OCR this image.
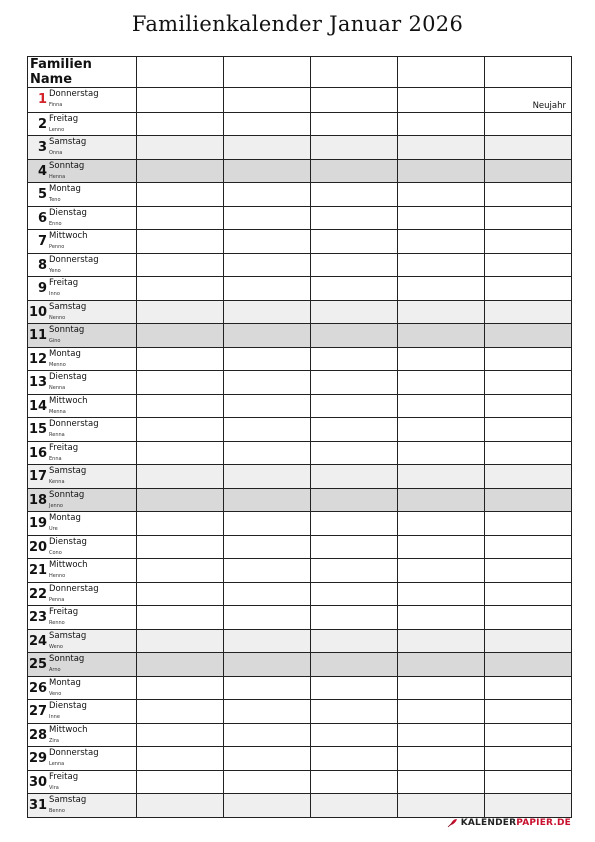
Familienkalender Januar 2026
Familien Name					

1 Donnerstag
Finna					Neujahr

2 Freitag
Lenno					

3 Samstag
Onna					

4 Sonntag
Henna					

5 Montag
Teno					

6 Dienstag
Enno					

7 Mittwoch
Penno					

8 Donnerstag
Yeno					

9 Freitag
Inno					

10 Samstag
Nenno					

11 Sonntag
Gino					

12 Montag
Menno					

13 Dienstag
Nenna					

14 Mittwoch
Menna					

15 Donnerstag
Renna					

16 Freitag
Enna					

17 Samstag
Kenna					

18 Sonntag
Jenno					

19 Montag
Ure					

20 Dienstag
Cono					

21 Mittwoch
Henno					

22 Donnerstag
Penna					

23 Freitag
Renno					

24 Samstag
Weno					

25 Sonntag
Arno					

26 Montag
Veno					

27 Dienstag
Inne					

28 Mittwoch
Zira					

29 Donnerstag
Lenna					

30 Freitag
Vira					

31 Samstag
Benno					

KALENDER PAPIER.DE
